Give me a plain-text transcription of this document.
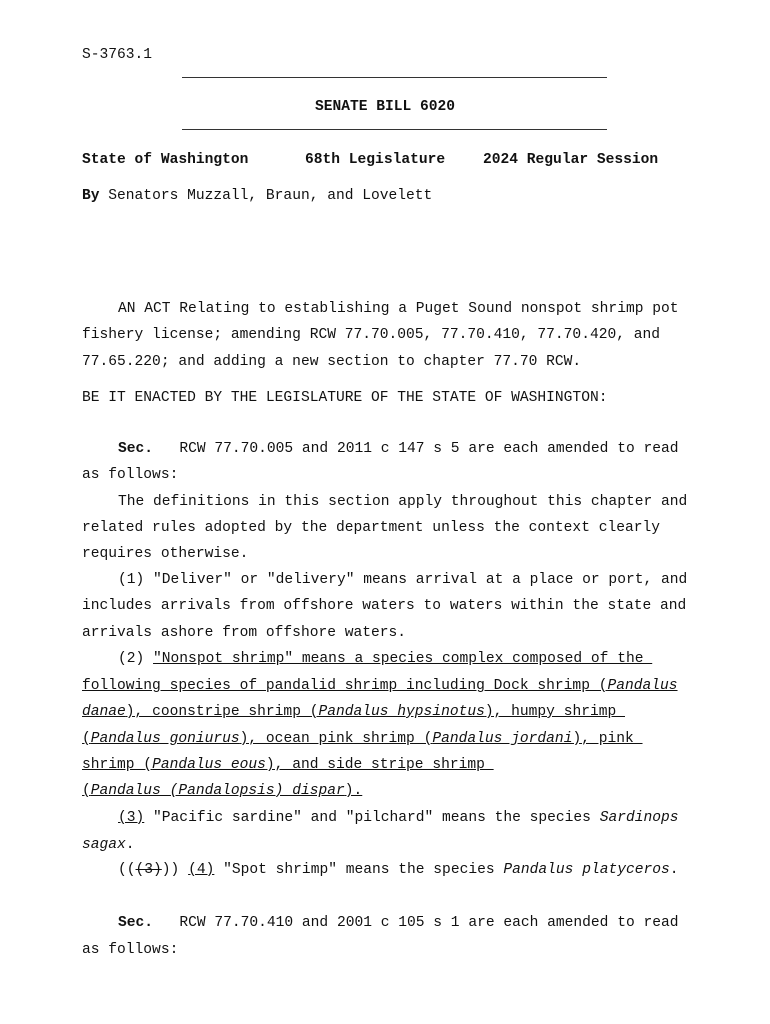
S-3763.1
SENATE BILL 6020
State of Washington	68th Legislature	2024 Regular Session
By Senators Muzzall, Braun, and Lovelett
AN ACT Relating to establishing a Puget Sound nonspot shrimp pot
fishery license; amending RCW 77.70.005, 77.70.410, 77.70.420, and
77.65.220; and adding a new section to chapter 77.70 RCW.
BE IT ENACTED BY THE LEGISLATURE OF THE STATE OF WASHINGTON:
Sec. RCW 77.70.005 and 2011 c 147 s 5 are each amended to read
as follows:
The definitions in this section apply throughout this chapter and
related rules adopted by the department unless the context clearly
requires otherwise.
(1) "Deliver" or "delivery" means arrival at a place or port, and
includes arrivals from offshore waters to waters within the state and
arrivals ashore from offshore waters.
(2) "Nonspot shrimp" means a species complex composed of the
following species of pandalid shrimp including Dock shrimp (Pandalus
danae), coonstripe shrimp (Pandalus hypsinotus), humpy shrimp
(Pandalus goniurus), ocean pink shrimp (Pandalus jordani), pink
shrimp (Pandalus eous), and side stripe shrimp
(Pandalus (Pandalopsis) dispar).
(3) "Pacific sardine" and "pilchard" means the species Sardinops
sagax.
(((3))) (4) "Spot shrimp" means the species Pandalus platyceros.
Sec. RCW 77.70.410 and 2001 c 105 s 1 are each amended to read
as follows:
